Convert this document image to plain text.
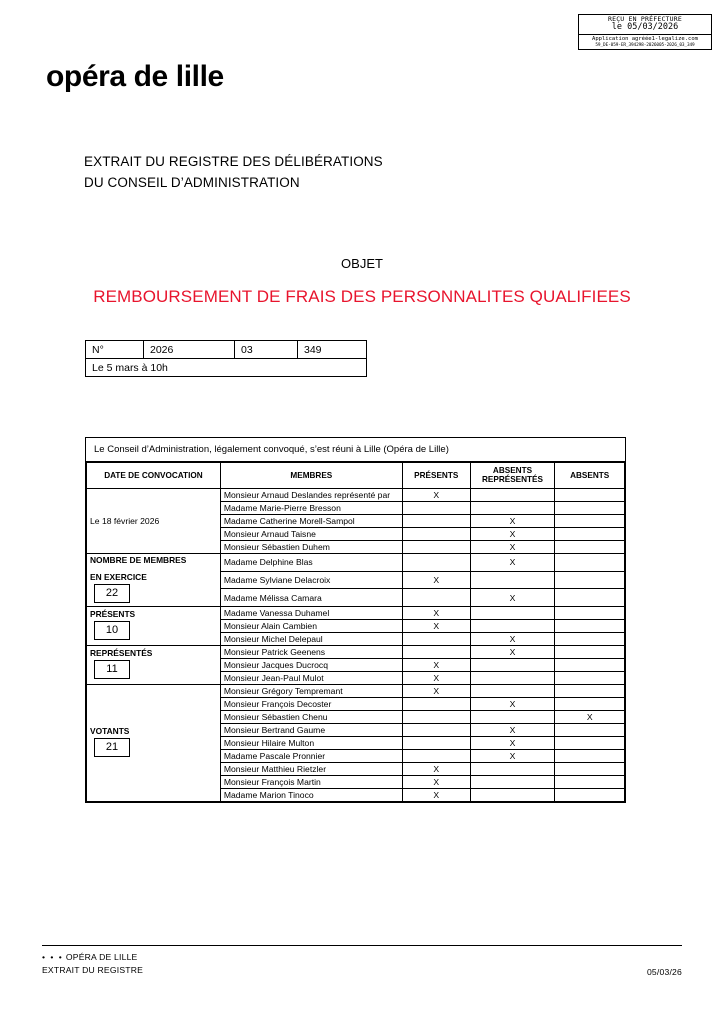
REÇU EN PRÉFECTURE
le 05/03/2026
Application agréée1-legalize.com
59_DE-059-ER_394298-2026005-2026_03_349
opéra de lille
EXTRAIT DU REGISTRE DES DÉLIBÉRATIONS
DU CONSEIL D’ADMINISTRATION
OBJET
REMBOURSEMENT DE FRAIS DES PERSONNALITES QUALIFIEES
N°	2026	03	349
Le 5 mars à 10h
Le Conseil d’Administration, légalement convoqué, s’est réuni à Lille (Opéra de Lille)
DATE DE CONVOCATION	MEMBRES	PRÉSENTS	ABSENTS REPRÉSENTÉS	ABSENTS
Le 18 février 2026	Monsieur Arnaud Deslandes représenté par	X		
	Madame Marie-Pierre Bresson			
	Madame Catherine Morell-Sampol		X	
	Monsieur Arnaud Taisne		X	
	Monsieur Sébastien Duhem		X	

NOMBRE DE MEMBRES
EN EXERCICE
22	Madame Delphine Blas		X	
	Madame Sylviane Delacroix	X		
	Madame Mélissa Camara		X	

PRÉSENTS
10	Madame Vanessa Duhamel	X		
	Monsieur Alain Cambien	X		
	Monsieur Michel Delepaul		X	

REPRÉSENTÉS
11	Monsieur Patrick Geenens		X	
	Monsieur Jacques Ducrocq	X		
	Monsieur Jean-Paul Mulot	X		

VOTANTS
21	Monsieur Grégory Tempremant	X		
	Monsieur François Decoster		X	
	Monsieur Sébastien Chenu			X
	Monsieur Bertrand Gaume		X	
	Monsieur Hilaire Multon		X	
	Madame Pascale Pronnier		X	
	Monsieur Matthieu Rietzler	X		
	Monsieur François Martin	X		
	Madame Marion Tinoco	X		
• • • OPÉRA DE LILLE
EXTRAIT DU REGISTRE	05/03/26
